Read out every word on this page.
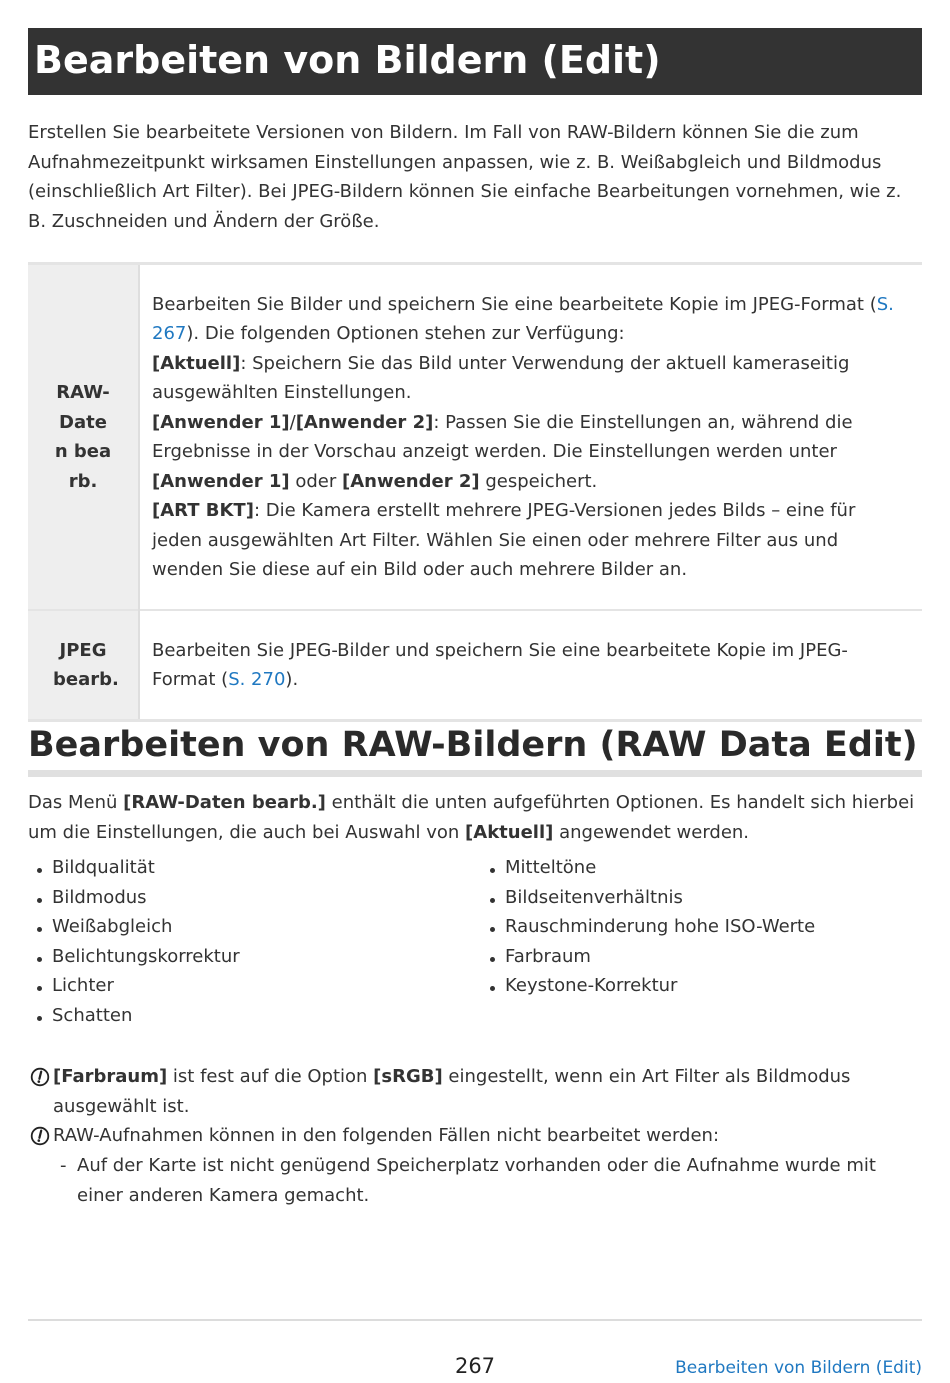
Bearbeiten von Bildern (Edit)
Erstellen Sie bearbeitete Versionen von Bildern. Im Fall von RAW-Bildern können Sie die zum Aufnahmezeitpunkt wirksamen Einstellungen anpassen, wie z. B. Weißabgleich und Bildmodus (einschließlich Art Filter). Bei JPEG-Bildern können Sie einfache Bearbeitungen vornehmen, wie z. B. Zuschneiden und Ändern der Größe.
RAW-Daten bearb.	Bearbeiten Sie Bilder und speichern Sie eine bearbeitete Kopie im JPEG-Format (S. 267). Die folgenden Optionen stehen zur Verfügung:
[Aktuell]: Speichern Sie das Bild unter Verwendung der aktuell kameraseitig ausgewählten Einstellungen.
[Anwender 1]/[Anwender 2]: Passen Sie die Einstellungen an, während die Ergebnisse in der Vorschau anzeigt werden. Die Einstellungen werden unter [Anwender 1] oder [Anwender 2] gespeichert.
[ART BKT]: Die Kamera erstellt mehrere JPEG-Versionen jedes Bilds – eine für jeden ausgewählten Art Filter. Wählen Sie einen oder mehrere Filter aus und wenden Sie diese auf ein Bild oder auch mehrere Bilder an.

JPEG bearb.	Bearbeiten Sie JPEG-Bilder und speichern Sie eine bearbeitete Kopie im JPEG-Format (S. 270).
Bearbeiten von RAW-Bildern (RAW Data Edit)
Das Menü [RAW-Daten bearb.] enthält die unten aufgeführten Optionen. Es handelt sich hierbei um die Einstellungen, die auch bei Auswahl von [Aktuell] angewendet werden.
Bildqualität
Bildmodus
Weißabgleich
Belichtungskorrektur
Lichter
Schatten
Mitteltöne
Bildseitenverhältnis
Rauschminderung hohe ISO-Werte
Farbraum
Keystone-Korrektur
[Farbraum] ist fest auf die Option [sRGB] eingestellt, wenn ein Art Filter als Bildmodus ausgewählt ist.
RAW-Aufnahmen können in den folgenden Fällen nicht bearbeitet werden:
- Auf der Karte ist nicht genügend Speicherplatz vorhanden oder die Aufnahme wurde mit einer anderen Kamera gemacht.
267	Bearbeiten von Bildern (Edit)
